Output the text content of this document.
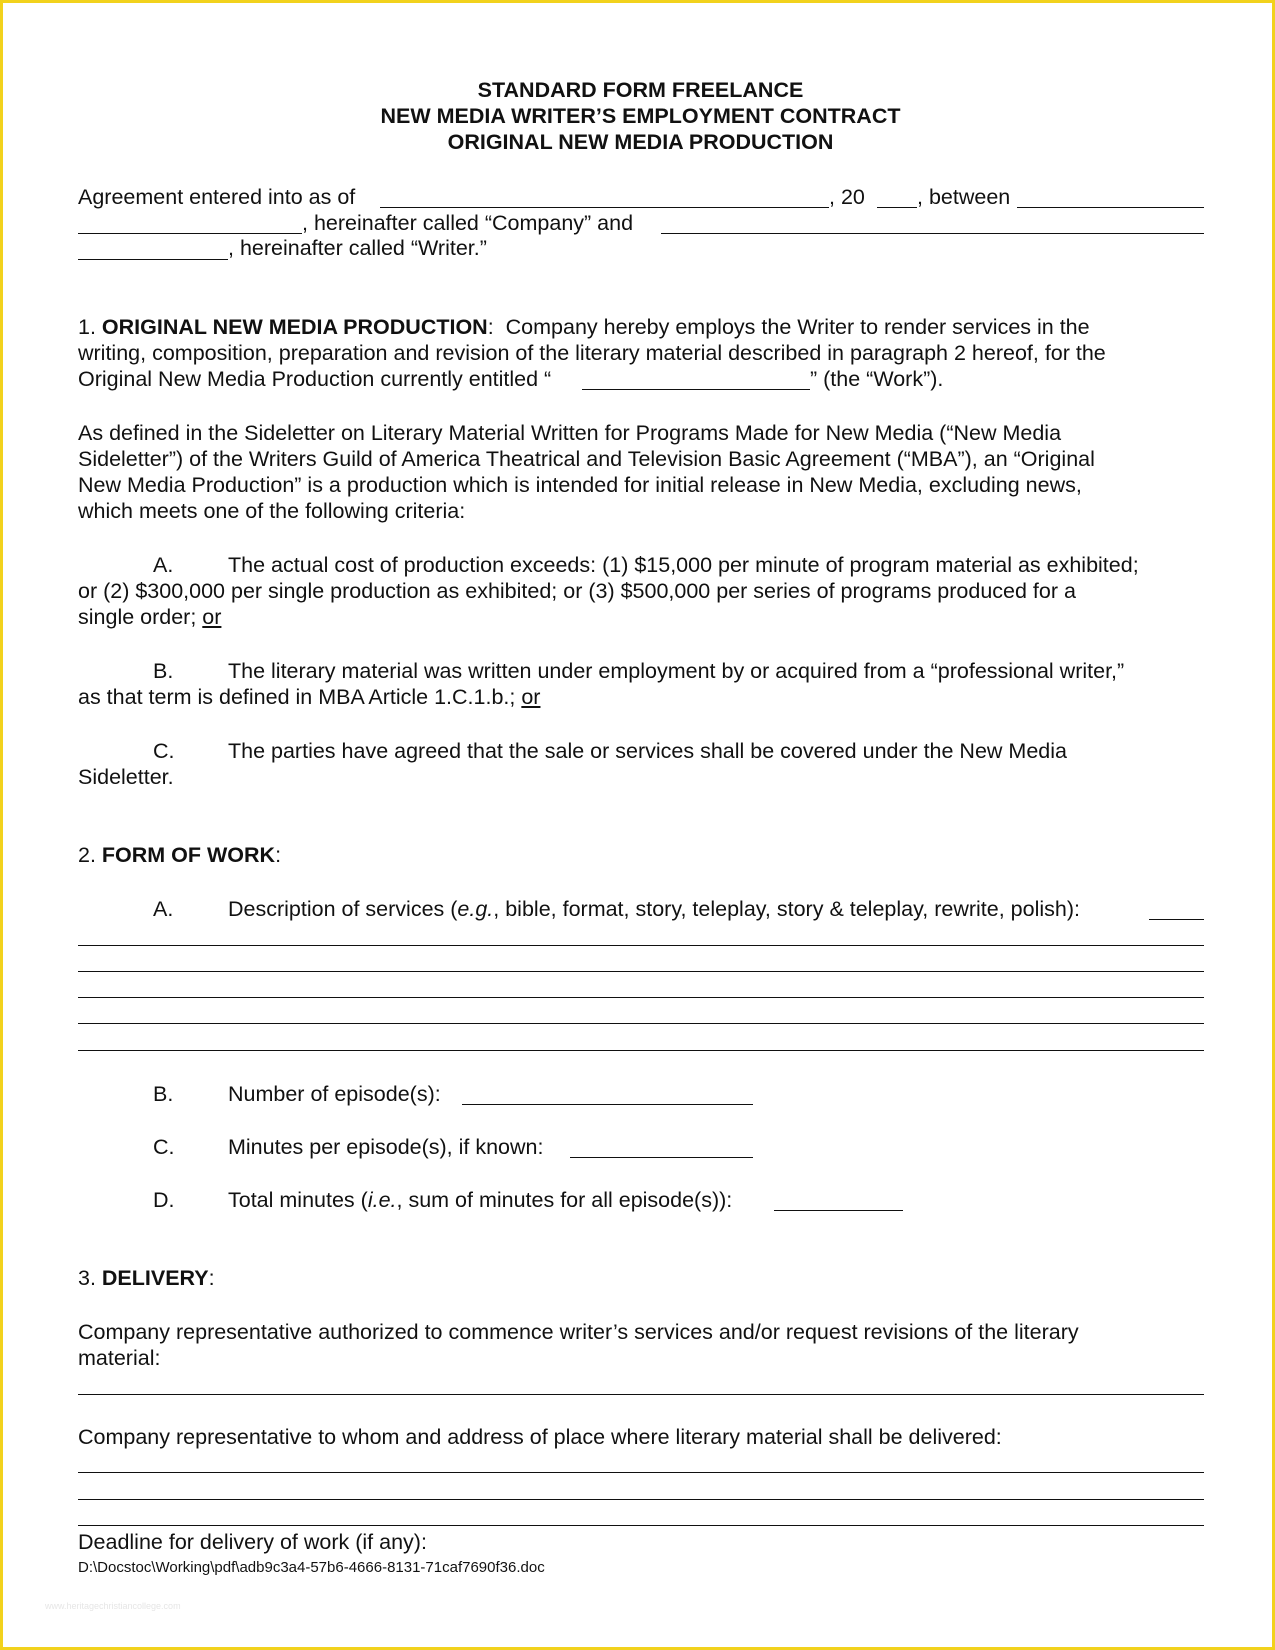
STANDARD FORM FREELANCE
NEW MEDIA WRITER’S EMPLOYMENT CONTRACT
ORIGINAL NEW MEDIA PRODUCTION
Agreement entered into as of	, 20 , between
, hereinafter called “Company” and
, hereinafter called “Writer.”
1. ORIGINAL NEW MEDIA PRODUCTION:  Company hereby employs the Writer to render services in the
writing, composition, preparation and revision of the literary material described in paragraph 2 hereof, for the
Original New Media Production currently entitled “	” (the “Work”).
As defined in the Sideletter on Literary Material Written for Programs Made for New Media (“New Media
Sideletter”) of the Writers Guild of America Theatrical and Television Basic Agreement (“MBA”), an “Original
New Media Production” is a production which is intended for initial release in New Media, excluding news,
which meets one of the following criteria:
A.	The actual cost of production exceeds: (1) $15,000 per minute of program material as exhibited;
or (2) $300,000 per single production as exhibited; or (3) $500,000 per series of programs produced for a
single order; or
B.	The literary material was written under employment by or acquired from a “professional writer,”
as that term is defined in MBA Article 1.C.1.b.; or
C. The parties have agreed that the sale or services shall be covered under the New Media
Sideletter.
2. FORM OF WORK:
A.	Description of services (e.g., bible, format, story, teleplay, story & teleplay, rewrite, polish):
B.	Number of episode(s):
C. Minutes per episode(s), if known:
D. Total minutes (i.e., sum of minutes for all episode(s)):
3. DELIVERY:
Company representative authorized to commence writer’s services and/or request revisions of the literary
material:
Company representative to whom and address of place where literary material shall be delivered:
Deadline for delivery of work (if any):
D:\Docstoc\Working\pdf\adb9c3a4-57b6-4666-8131-71caf7690f36.doc
www.heritagechristiancollege.com
